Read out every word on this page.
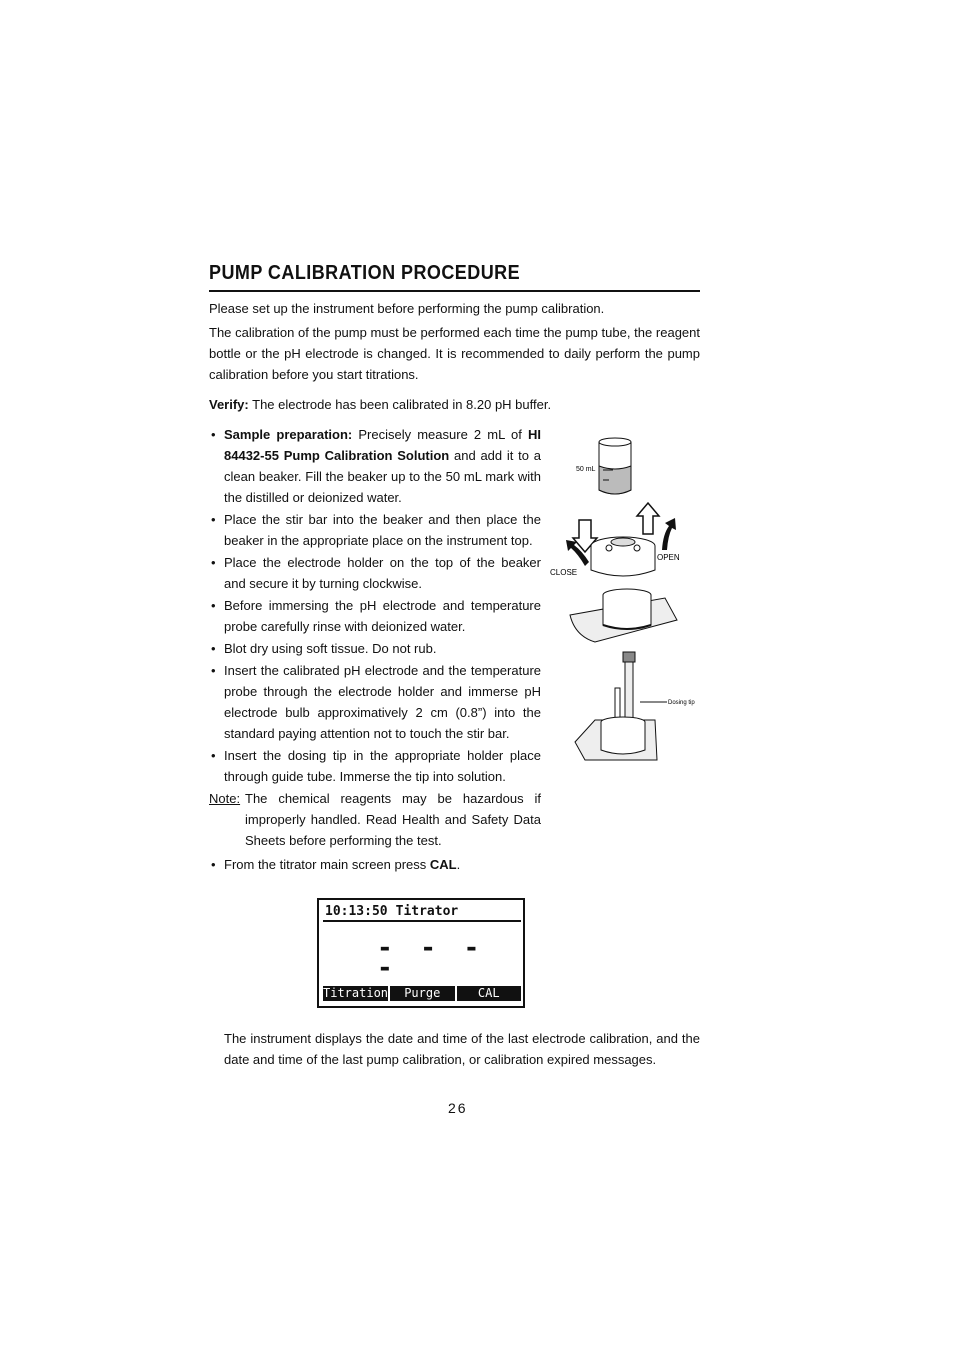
PUMP CALIBRATION PROCEDURE

Please set up the instrument before performing the pump calibration.

The calibration of the pump must be performed each time the pump tube, the reagent bottle or the pH electrode is changed. It is recommended to daily perform the pump calibration before you start titrations.

Verify: The electrode has been calibrated in 8.20 pH buffer.

• Sample preparation: Precisely measure 2 mL of HI 84432-55 Pump Calibration Solution and add it to a clean beaker. Fill the beaker up to the 50 mL mark with the distilled or deionized water.
• Place the stir bar into the beaker and then place the beaker in the appropriate place on the instrument top.
• Place the electrode holder on the top of the beaker and secure it by turning clockwise.
• Before immersing the pH electrode and temperature probe carefully rinse with deionized water.
• Blot dry using soft tissue. Do not rub.
• Insert the calibrated pH electrode and the temperature probe through the electrode holder and immerse pH electrode bulb approximatively 2 cm (0.8”) into the standard paying attention not to touch the stir bar.
• Insert the dosing tip in the appropriate holder place through guide tube. Immerse the tip into solution.
Note: The chemical reagents may be hazardous if improperly handled. Read Health and Safety Data Sheets before performing the test.
• From the titrator main screen press CAL.
50 mL
OPEN
CLOSE
Dosing tip
10:13:50 Titrator
- - - -
Titration	Purge	CAL

The instrument displays the date and time of the last electrode calibration, and the date and time of the last pump calibration, or calibration expired messages.

26
